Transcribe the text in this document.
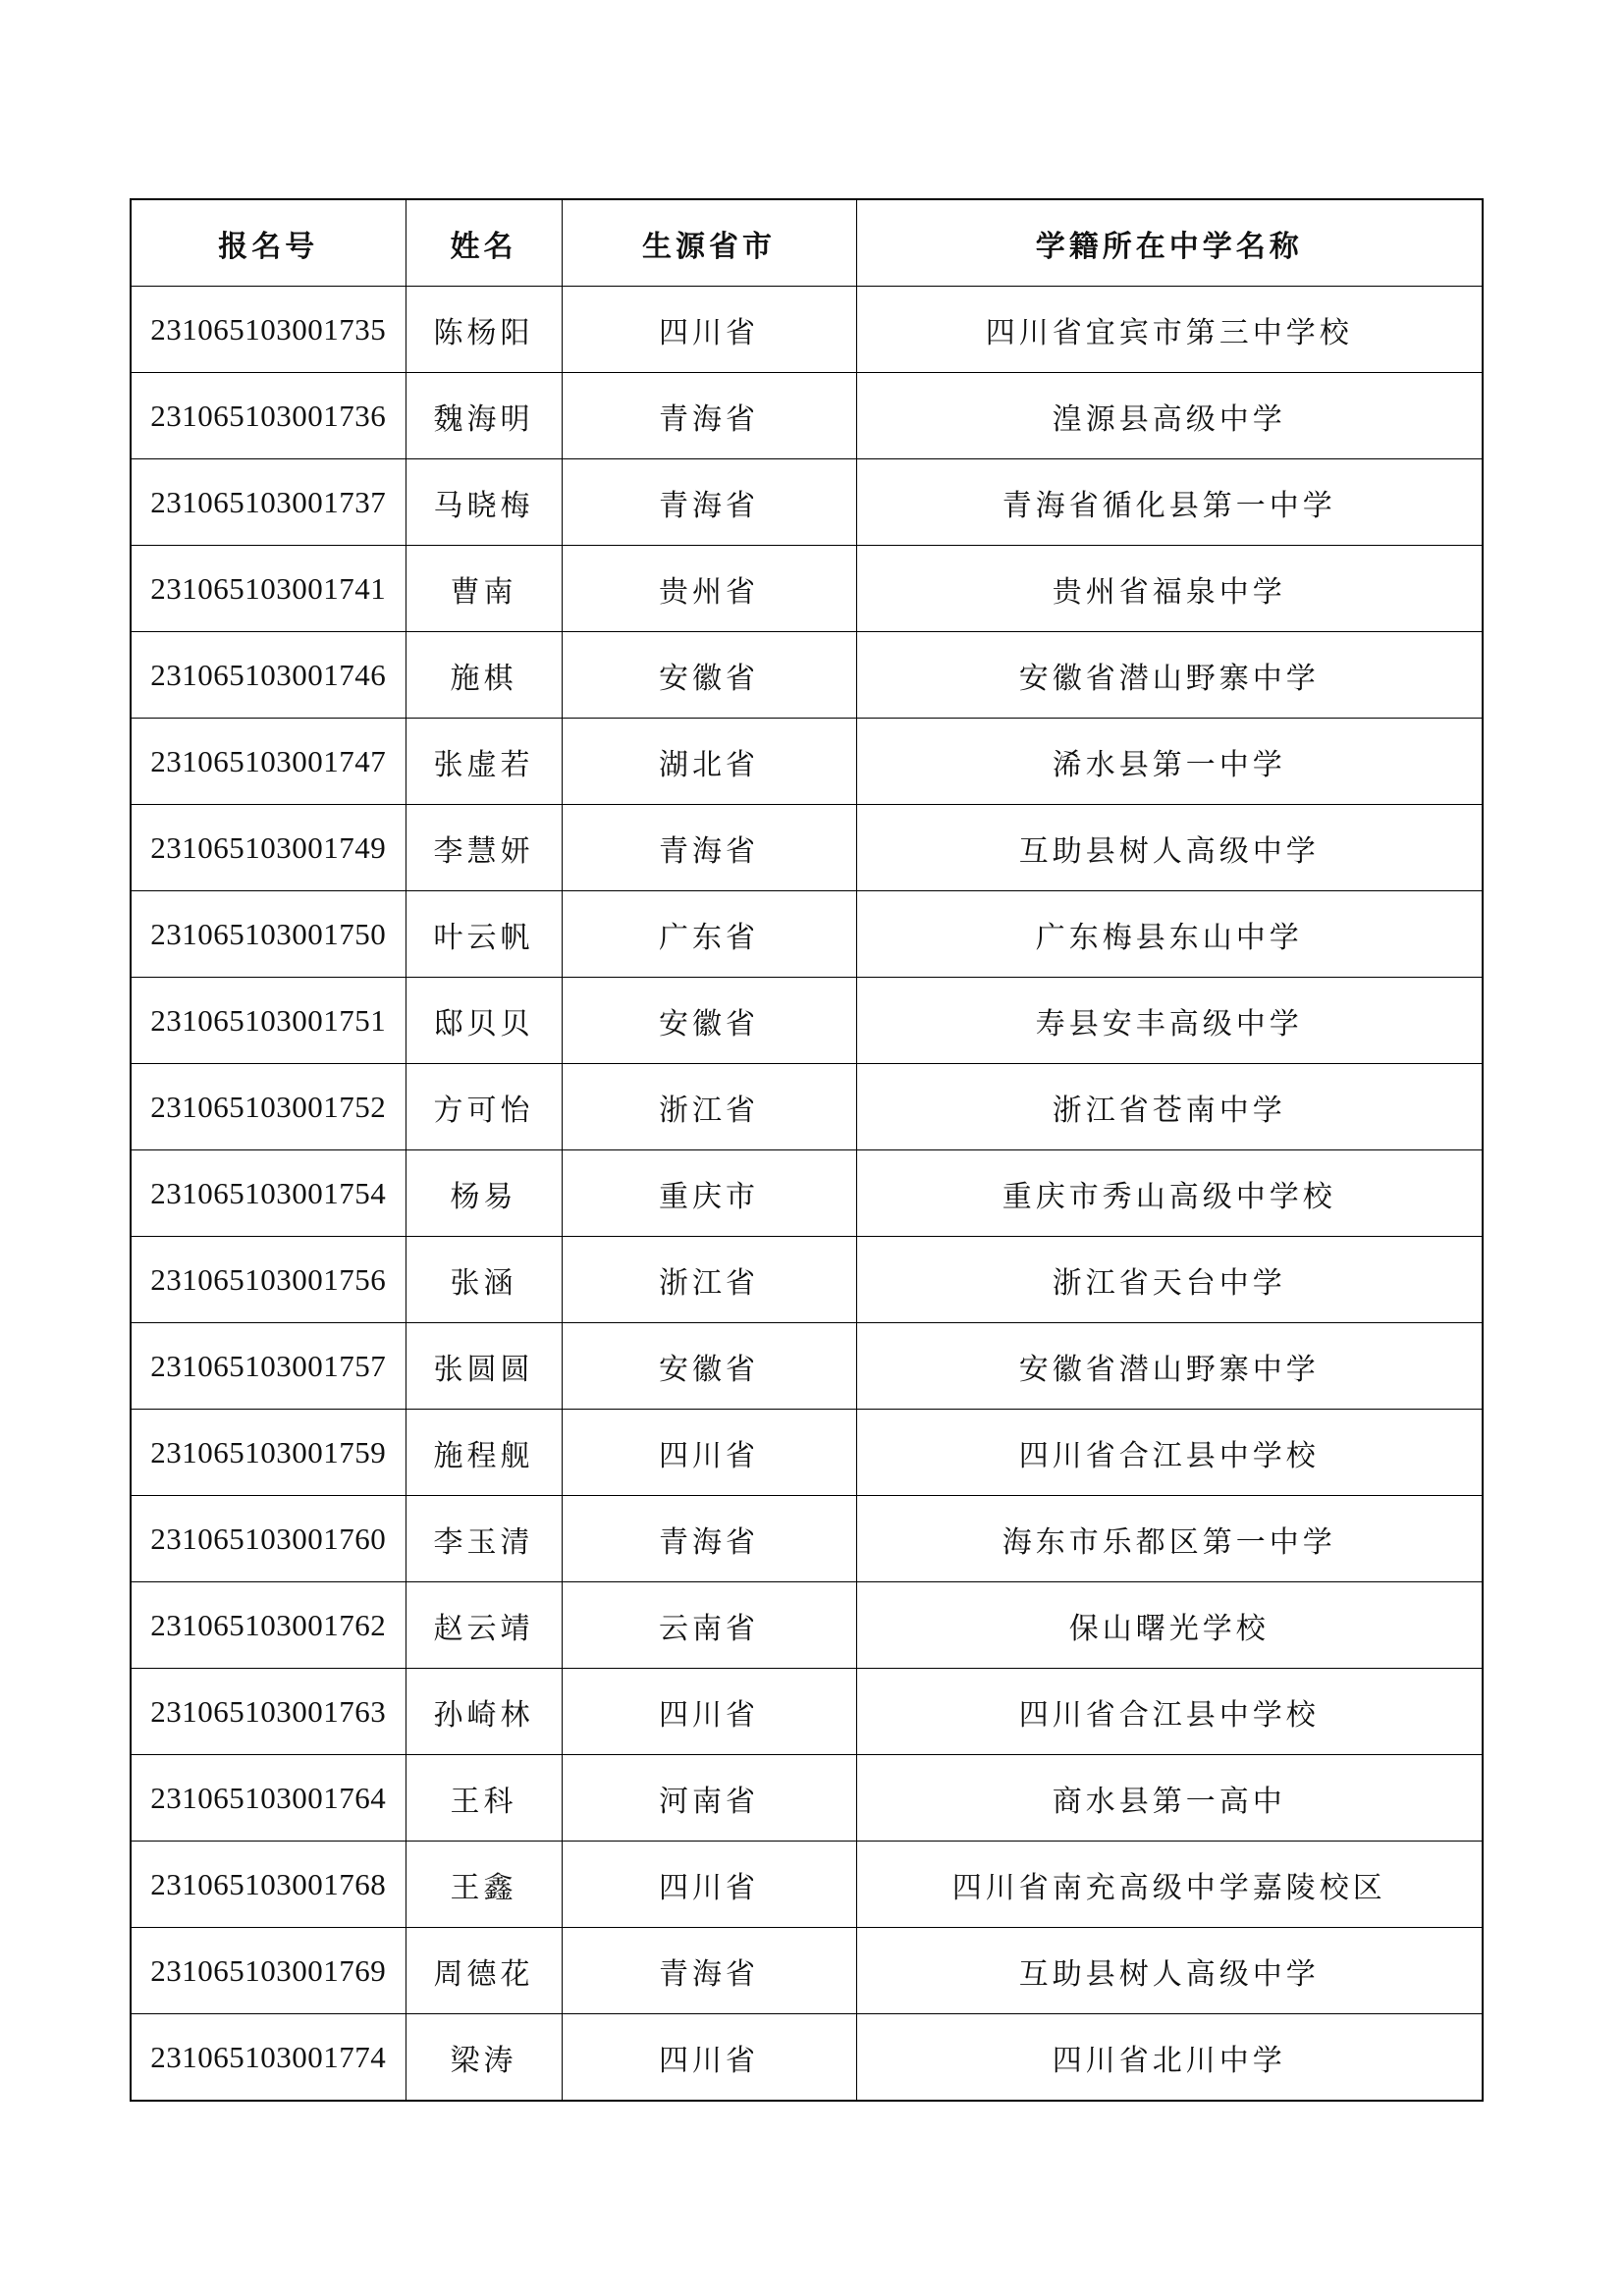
报名号	姓名	生源省市	学籍所在中学名称
231065103001735	陈杨阳	四川省	四川省宜宾市第三中学校
231065103001736	魏海明	青海省	湟源县高级中学
231065103001737	马晓梅	青海省	青海省循化县第一中学
231065103001741	曹南	贵州省	贵州省福泉中学
231065103001746	施棋	安徽省	安徽省潜山野寨中学
231065103001747	张虚若	湖北省	浠水县第一中学
231065103001749	李慧妍	青海省	互助县树人高级中学
231065103001750	叶云帆	广东省	广东梅县东山中学
231065103001751	邸贝贝	安徽省	寿县安丰高级中学
231065103001752	方可怡	浙江省	浙江省苍南中学
231065103001754	杨易	重庆市	重庆市秀山高级中学校
231065103001756	张涵	浙江省	浙江省天台中学
231065103001757	张圆圆	安徽省	安徽省潜山野寨中学
231065103001759	施程舰	四川省	四川省合江县中学校
231065103001760	李玉清	青海省	海东市乐都区第一中学
231065103001762	赵云靖	云南省	保山曙光学校
231065103001763	孙崎林	四川省	四川省合江县中学校
231065103001764	王科	河南省	商水县第一高中
231065103001768	王鑫	四川省	四川省南充高级中学嘉陵校区
231065103001769	周德花	青海省	互助县树人高级中学
231065103001774	梁涛	四川省	四川省北川中学
